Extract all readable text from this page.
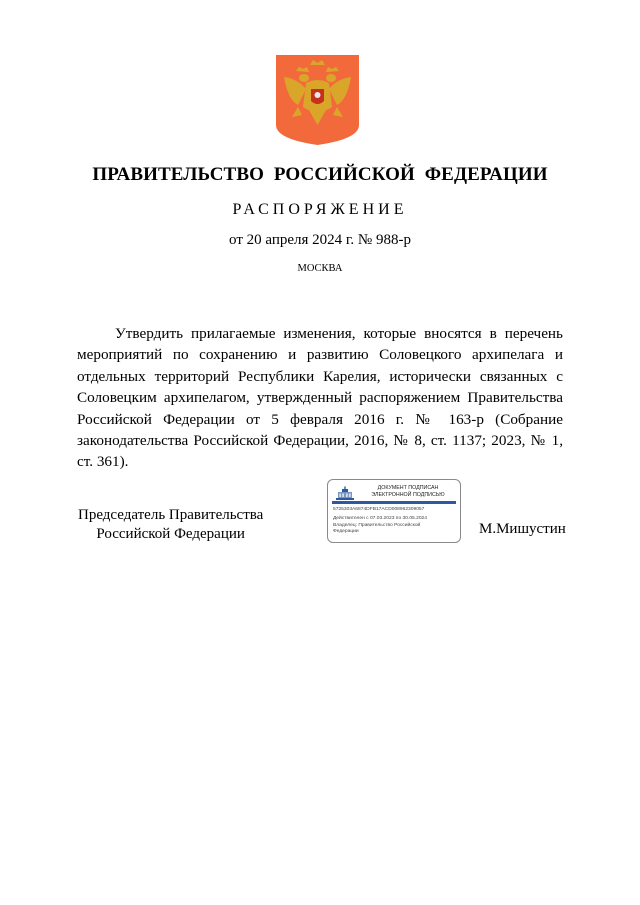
ПРАВИТЕЛЬСТВО РОССИЙСКОЙ ФЕДЕРАЦИИ
РАСПОРЯЖЕНИЕ
от 20 апреля 2024 г. № 988-р
МОСКВА
Утвердить прилагаемые изменения, которые вносятся в перечень мероприятий по сохранению и развитию Соловецкого архипелага и отдельных территорий Республики Карелия, исторически связанных с Соловецким архипелагом, утвержденный распоряжением Правительства Российской Федерации от 5 февраля 2016 г. № 163-р (Собрание законодательства Российской Федерации, 2016, № 8, ст. 1137; 2023, № 1, ст. 361).
Председатель Правительства
Российской Федерации
ДОКУМЕНТ ПОДПИСАН
ЭЛЕКТРОННОЙ ПОДПИСЬЮ
5725303A6874DFB17ACD008962309057
Действителен с 07.03.2023 по 30.05.2024
Владелец: Правительство Российской
Федерации	М.Мишустин
